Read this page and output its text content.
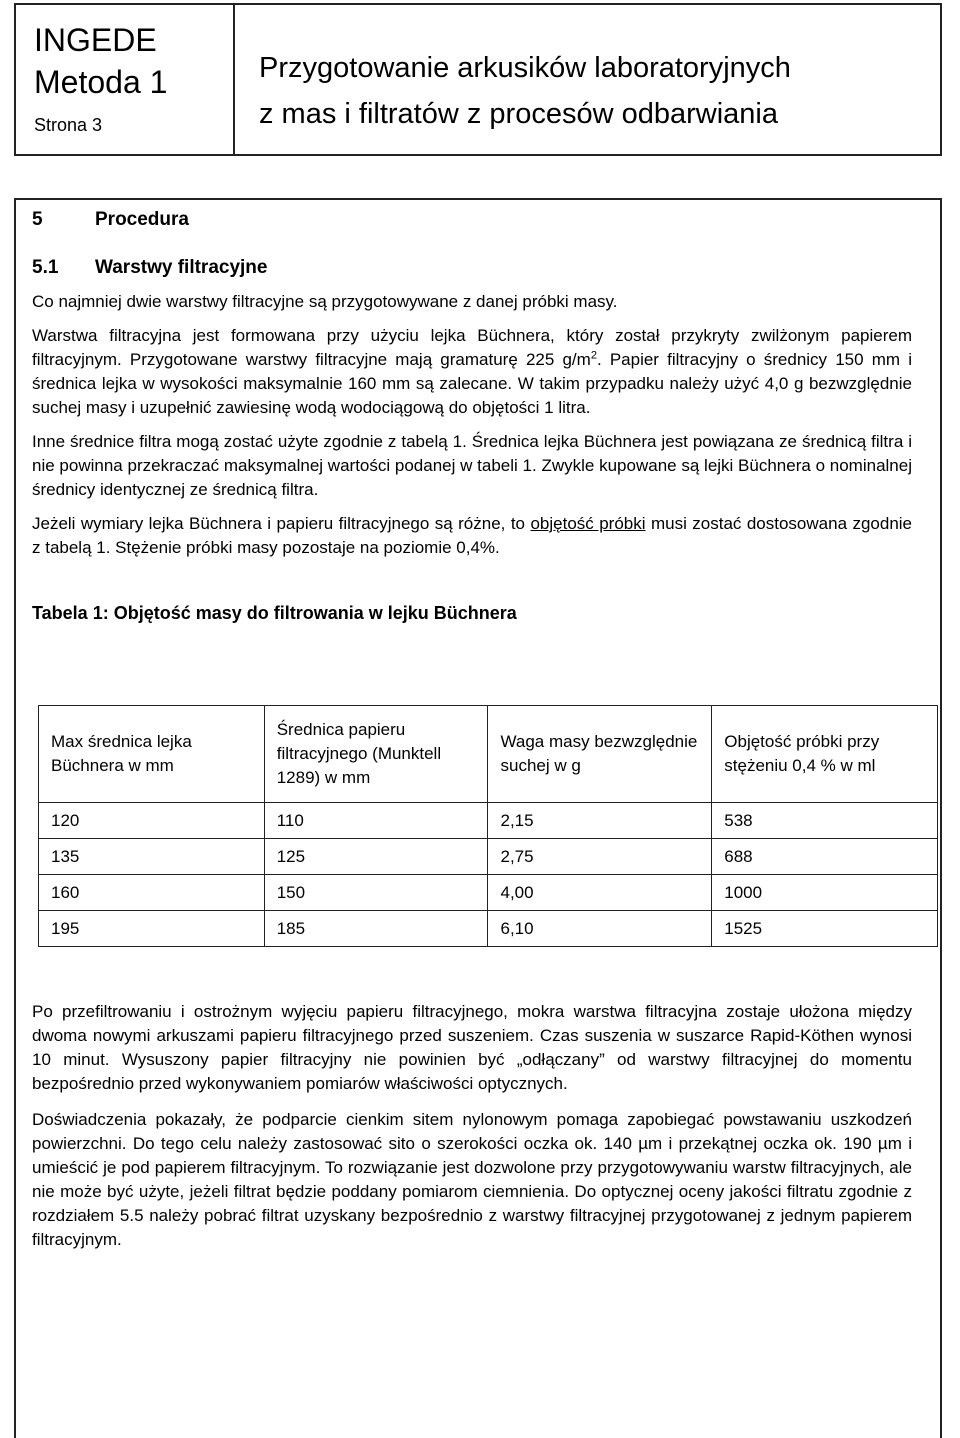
INGEDE
Metoda 1
Strona 3
Przygotowanie arkusików laboratoryjnych
z mas i filtratów z procesów odbarwiania
5	Procedura
5.1	Warstwy filtracyjne

Co najmniej dwie warstwy filtracyjne są przygotowywane z danej próbki masy.

Warstwa filtracyjna jest formowana przy użyciu lejka Büchnera, który został przykryty zwilżonym papierem filtracyjnym. Przygotowane warstwy filtracyjne mają gramaturę 225 $g/m^2$. Papier filtracyjny o średnicy 150 mm i średnica lejka w wysokości maksymalnie 160 mm są zalecane. W takim przypadku należy użyć 4,0 g bezwzględnie suchej masy i uzupełnić zawiesinę wodą wodociągową do objętości 1 litra.

Inne średnice filtra mogą zostać użyte zgodnie z tabelą 1. Średnica lejka Büchnera jest powiązana ze średnicą filtra i nie powinna przekraczać maksymalnej wartości podanej w tabeli 1. Zwykle kupowane są lejki Büchnera o nominalnej średnicy identycznej ze średnicą filtra.

Jeżeli wymiary lejka Büchnera i papieru filtracyjnego są różne, to objętość próbki musi zostać dostosowana zgodnie z tabelą 1. Stężenie próbki masy pozostaje na poziomie 0,4%.

Tabela 1: Objętość masy do filtrowania w lejku Büchnera
Max średnica lejka Büchnera w mm	Średnica papieru filtracyjnego (Munktell 1289) w mm	Waga masy bezwzględnie suchej w g	Objętość próbki przy stężeniu 0,4 % w ml
120	110	2,15	538
135	125	2,75	688
160	150	4,00	1000
195	185	6,10	1525

Po przefiltrowaniu i ostrożnym wyjęciu papieru filtracyjnego, mokra warstwa filtracyjna zostaje ułożona między dwoma nowymi arkuszami papieru filtracyjnego przed suszeniem. Czas suszenia w suszarce Rapid-Köthen wynosi 10 minut. Wysuszony papier filtracyjny nie powinien być „odłączany” od warstwy filtracyjnej do momentu bezpośrednio przed wykonywaniem pomiarów właściwości optycznych.

Doświadczenia pokazały, że podparcie cienkim sitem nylonowym pomaga zapobiegać powstawaniu uszkodzeń powierzchni. Do tego celu należy zastosować sito o szerokości oczka ok. 140 µm i przekątnej oczka ok. 190 µm i umieścić je pod papierem filtracyjnym. To rozwiązanie jest dozwolone przy przygotowywaniu warstw filtracyjnych, ale nie może być użyte, jeżeli filtrat będzie poddany pomiarom ciemnienia. Do optycznej oceny jakości filtratu zgodnie z rozdziałem 5.5 należy pobrać filtrat uzyskany bezpośrednio z warstwy filtracyjnej przygotowanej z jednym papierem filtracyjnym.
